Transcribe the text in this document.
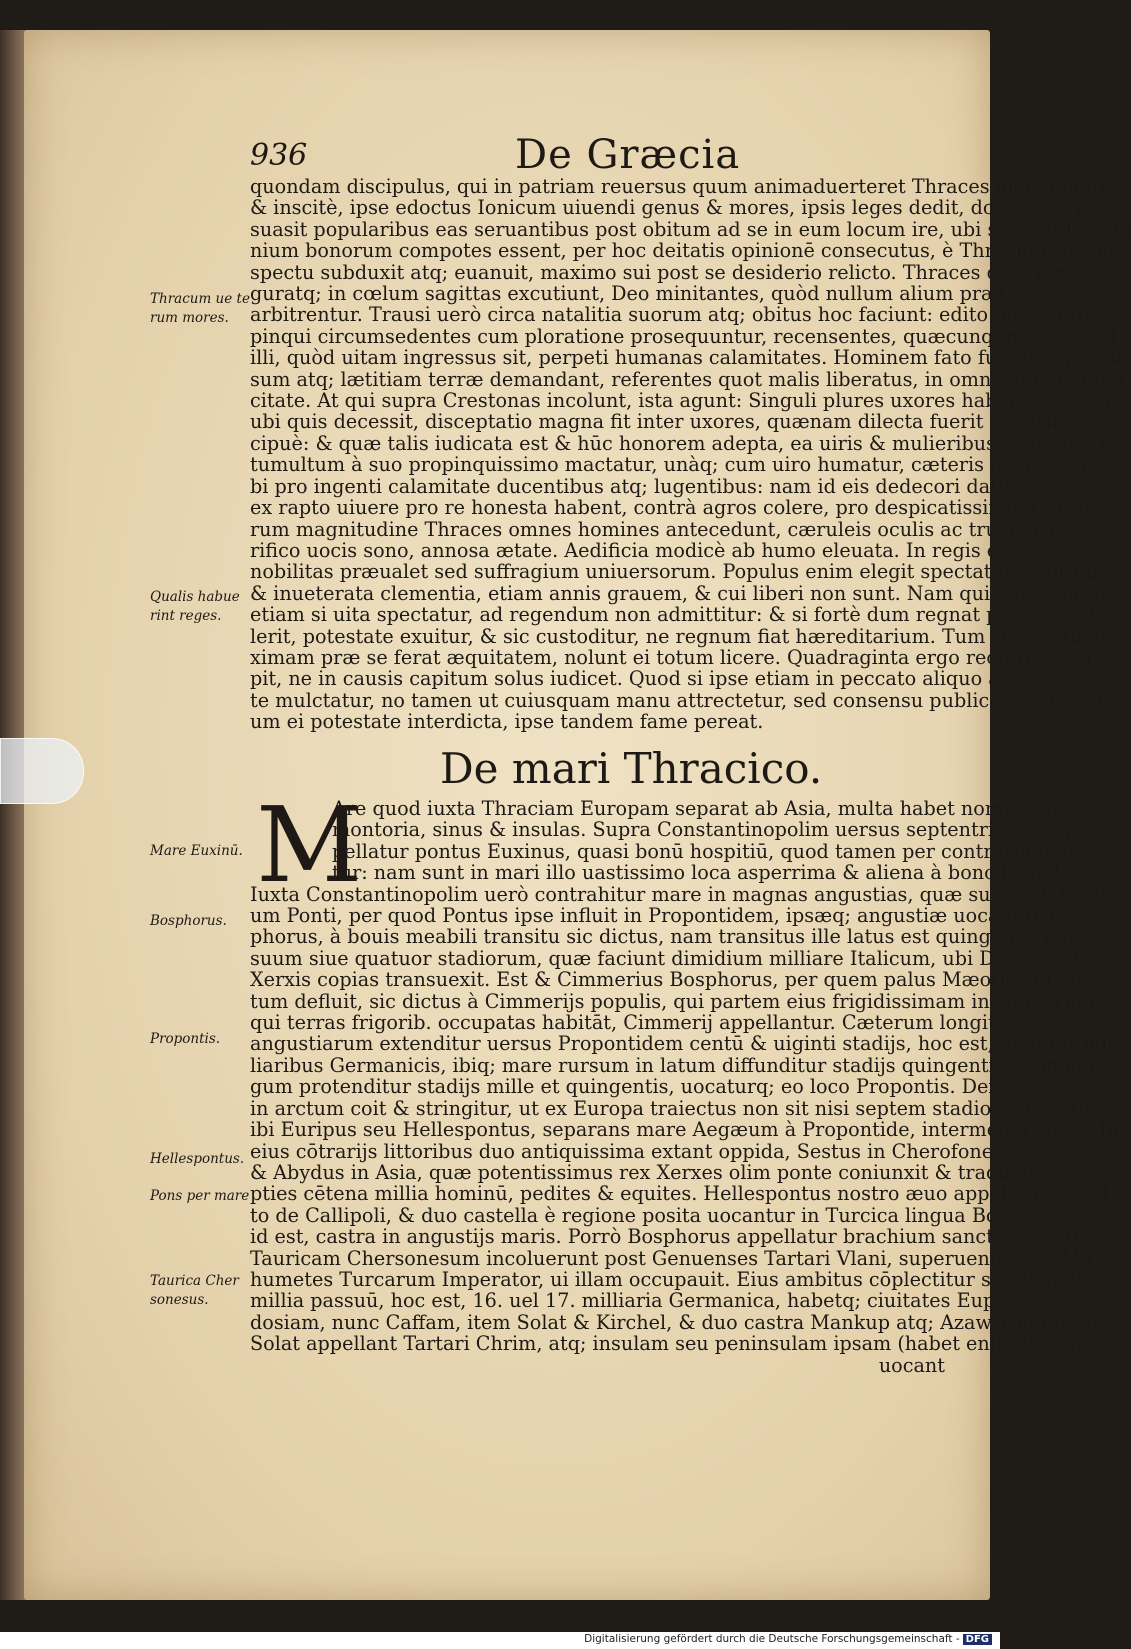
936	De Græcia
quondam discipulus, qui in patriam reuersus quum animaduerteret Thraces male uiuere
& inscitè, ipse edoctus Ionicum uiuendi genus & mores, ipsis leges dedit, docuitatq; per
suasit popularibus eas seruantibus post obitum ad se in eum locum ire, ubi superstites om
nium bonorum compotes essent, per hoc deitatis opinionē consecutus, è Thracum se con
spectu subduxit atq; euanuit, maximo sui post se desiderio relicto. Thraces dum tonat ful
guratq; in cœlum sagittas excutiunt, Deo minitantes, quòd nullum alium præter suū esse
arbitrentur. Trausi uerò circa natalitia suorum atq; obitus hoc faciunt: edito puero pro
pinqui circumsedentes cum ploratione prosequuntur, recensentes, quæcunq; necesse est
illi, quòd uitam ingressus sit, perpeti humanas calamitates. Hominem fato functum per lu
sum atq; lætitiam terræ demandant, referentes quot malis liberatus, in omni sit modo feli
citate. At qui supra Crestonas incolunt, ista agunt: Singuli plures uxores habent, quorum
ubi quis decessit, disceptatio magna fit inter uxores, quænam dilecta fuerit à marito præ
cipuè: & quæ talis iudicata est & hūc honorem adepta, ea uiris & mulieribus exornata, ad
tumultum à suo propinquissimo mactatur, unàq; cum uiro humatur, cæteris uxoribus id si
bi pro ingenti calamitate ducentibus atq; lugentibus: nam id eis dedecori datur. Ociari et
ex rapto uiuere pro re honesta habent, contrà agros colere, pro despicatissima. Corpo
rum magnitudine Thraces omnes homines antecedunt, cæruleis oculis ac truci uisu, ter
rifico uocis sono, annosa ætate. Aedificia modicè ab humo eleuata. In regis electione non
nobilitas præualet sed suffragium uniuersorum. Populus enim elegit spectatum moribus
& inueterata clementia, etiam annis grauem, & cui liberi non sunt. Nam qui pater fuerit,
etiam si uita spectatur, ad regendum non admittitur: & si fortè dum regnat pignus sustu
lerit, potestate exuitur, & sic custoditur, ne regnum fiat hæreditarium. Tum si rex etiā ma
ximam præ se ferat æquitatem, nolunt ei totum licere. Quadraginta ergo rectores acci
pit, ne in causis capitum solus iudicet. Quod si ipse etiam in peccato aliquo arguitur, mor
te mulctatur, no tamen ut cuiusquam manu attrectetur, sed consensu publico rerum omni
um ei potestate interdicta, ipse tandem fame pereat.
De mari Thracico.
M
Are quod iuxta Thraciam Europam separat ab Asia, multa habet nomina, pro
montoria, sinus & insulas. Supra Constantinopolim uersus septentrionem ap
pellatur pontus Euxinus, quasi bonū hospitiū, quod tamen per contrarium dici
tur: nam sunt in mari illo uastissimo loca asperrima & aliena à bono hospitio.
Iuxta Constantinopolim uerò contrahitur mare in magnas angustias, quæ sunt ueluti ostí
um Ponti, per quod Pontus ipse influit in Propontidem, ipsæq; angustiæ uocantur Bos
phorus, à bouis meabili transitu sic dictus, nam transitus ille latus est quingentorum pas
suum siue quatuor stadiorum, quæ faciunt dimidium milliare Italicum, ubi Darius pater
Xerxis copias transuexit. Est & Cimmerius Bosphorus, per quem palus Mæotica in pon
tum defluit, sic dictus à Cimmerijs populis, qui partem eius frigidissimam incolūt. Vnde
qui terras frigorib. occupatas habitāt, Cimmerij appellantur. Cæterum longitudo harum
angustiarum extenditur uersus Propontidem centū & uiginti stadijs, hoc est, quatuor mil
liaribus Germanicis, ibiq; mare rursum in latum diffunditur stadijs quingentis, & in lon
gum protenditur stadijs mille et quingentis, uocaturq; eo loco Propontis. Deinde iterum
in arctum coit & stringitur, ut ex Europa traiectus non sit nisi septem stadiorū, uocaturq;
ibi Euripus seu Hellespontus, separans mare Aegæum à Propontide, intermedia fauce. In
eius cōtrarijs littoribus duo antiquissima extant oppida, Sestus in Cherofonefo Thraciæ,
& Abydus in Asia, quæ potentissimus rex Xerxes olim ponte coniunxit & traduxit se
pties cētena millia hominū, pedites & equites. Hellespontus nostro æuo appellatus Stret
to de Callipoli, & duo castella è regione posita uocantur in Turcica lingua Bogazaslar,
id est, castra in angustijs maris. Porrò Bosphorus appellatur brachium sancti Georgij.
Tauricam Chersonesum incoluerunt post Genuenses Tartari Vlani, superueniētesq; Ma
humetes Turcarum Imperator, ui illam occupauit. Eius ambitus cōplectitur septuaginta
millia passuū, hoc est, 16. uel 17. milliaria Germanica, habetq; ciuitates Eupatoria & The
dosiam, nunc Caffam, item Solat & Kirchel, & duo castra Mankup atq; Azaw. Ciuitatem
Solat appellant Tartari Chrim, atq; insulam seu peninsulam ipsam (habet enim Isthmum)
uocant
Thracum ue te rum mores.
Qualis habue rint reges.
Mare Euxinū.
Bosphorus.
Propontis.
Hellespontus.
Pons per mare
Taurica Cher sonesus.
Digitalisierung gefördert durch die Deutsche Forschungsgemeinschaft - DFG
